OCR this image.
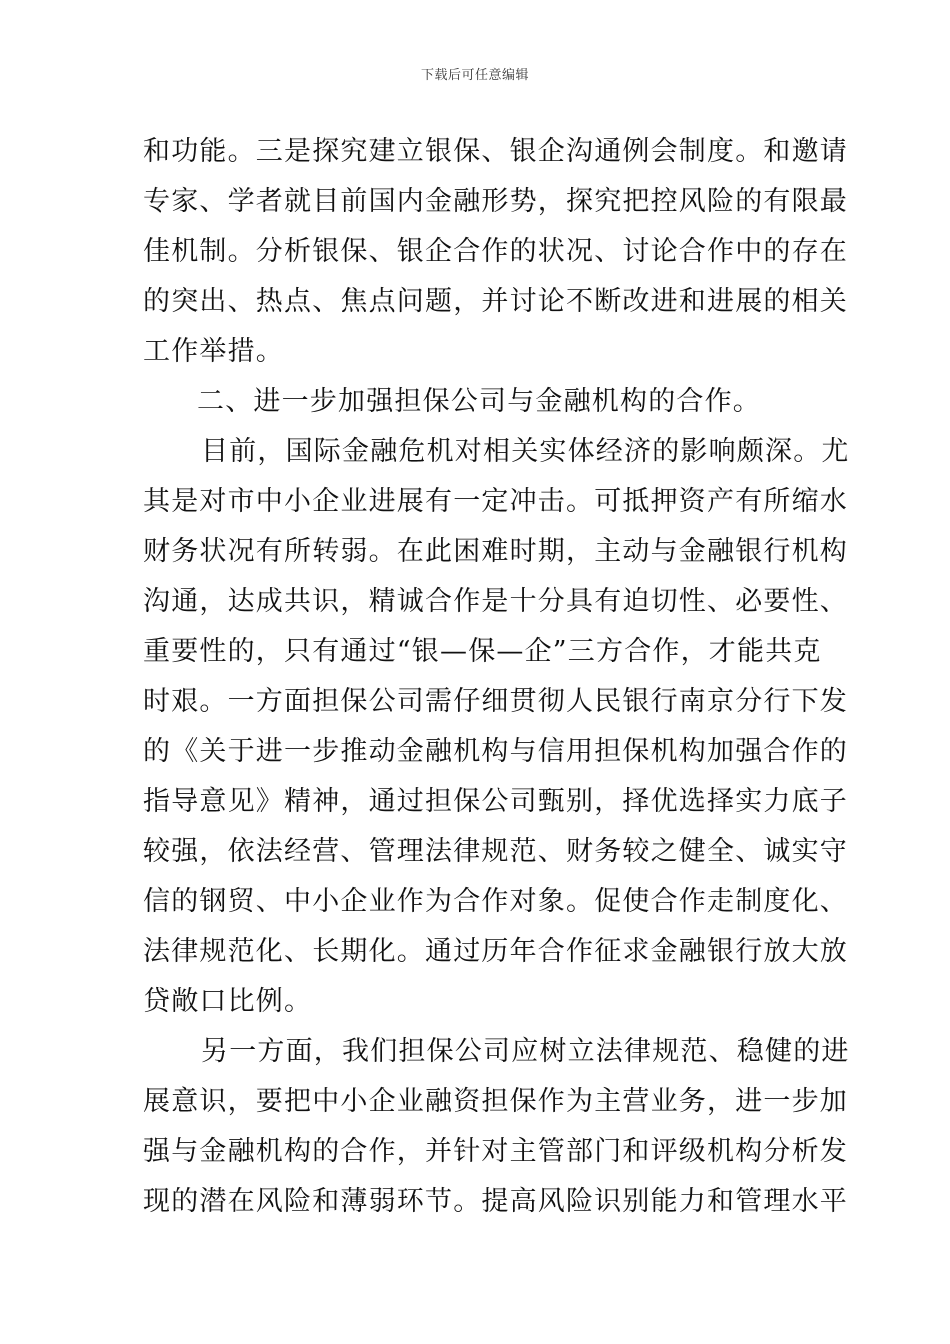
下载后可任意编辑
和功能。三是探究建立银保、银企沟通例会制度。和邀请
专家、学者就目前国内金融形势，探究把控风险的有限最
佳机制。分析银保、银企合作的状况、讨论合作中的存在
的突出、热点、焦点问题，并讨论不断改进和进展的相关
工作举措。
二、进一步加强担保公司与金融机构的合作。
目前，国际金融危机对相关实体经济的影响颇深。尤
其是对市中小企业进展有一定冲击。可抵押资产有所缩水
财务状况有所转弱。在此困难时期，主动与金融银行机构
沟通，达成共识，精诚合作是十分具有迫切性、必要性、
重要性的，只有通过“银—保—企”三方合作，才能共克
时艰。一方面担保公司需仔细贯彻人民银行南京分行下发
的《关于进一步推动金融机构与信用担保机构加强合作的
指导意见》精神，通过担保公司甄别，择优选择实力底子
较强，依法经营、管理法律规范、财务较之健全、诚实守
信的钢贸、中小企业作为合作对象。促使合作走制度化、
法律规范化、长期化。通过历年合作征求金融银行放大放
贷敞口比例。
另一方面，我们担保公司应树立法律规范、稳健的进
展意识，要把中小企业融资担保作为主营业务，进一步加
强与金融机构的合作，并针对主管部门和评级机构分析发
现的潜在风险和薄弱环节。提高风险识别能力和管理水平
